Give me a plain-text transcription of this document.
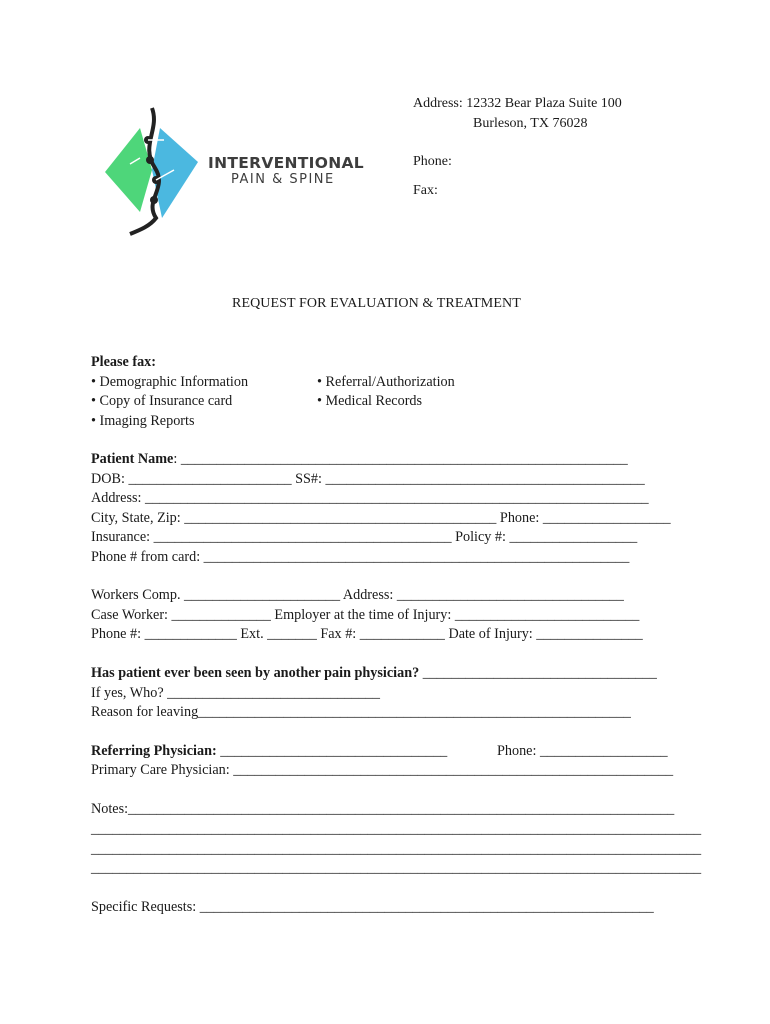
INTERVENTIONAL
PAIN & SPINE
Address: 12332 Bear Plaza Suite 100
Burleson, TX 76028
Phone:
Fax:
REQUEST FOR EVALUATION & TREATMENT
Please fax:
• Demographic Information
• Copy of Insurance card
• Imaging Reports
• Referral/Authorization
• Medical Records
Patient Name: _______________________________________________________________
DOB: _______________________ SS#: _____________________________________________
Address: _______________________________________________________________________
City, State, Zip: ____________________________________________ Phone: __________________
Insurance: __________________________________________ Policy #: __________________
Phone # from card: ____________________________________________________________
Workers Comp. ______________________ Address: ________________________________
Case Worker: ______________ Employer at the time of Injury: __________________________
Phone #: _____________ Ext. _______ Fax #: ____________ Date of Injury: _______________
Has patient ever been seen by another pain physician? _________________________________
If yes, Who? ______________________________
Reason for leaving_____________________________________________________________
Referring Physician: ________________________________	Phone: __________________
Primary Care Physician: ______________________________________________________________
Notes:_____________________________________________________________________________
______________________________________________________________________________________
______________________________________________________________________________________
______________________________________________________________________________________
Specific Requests: ________________________________________________________________
